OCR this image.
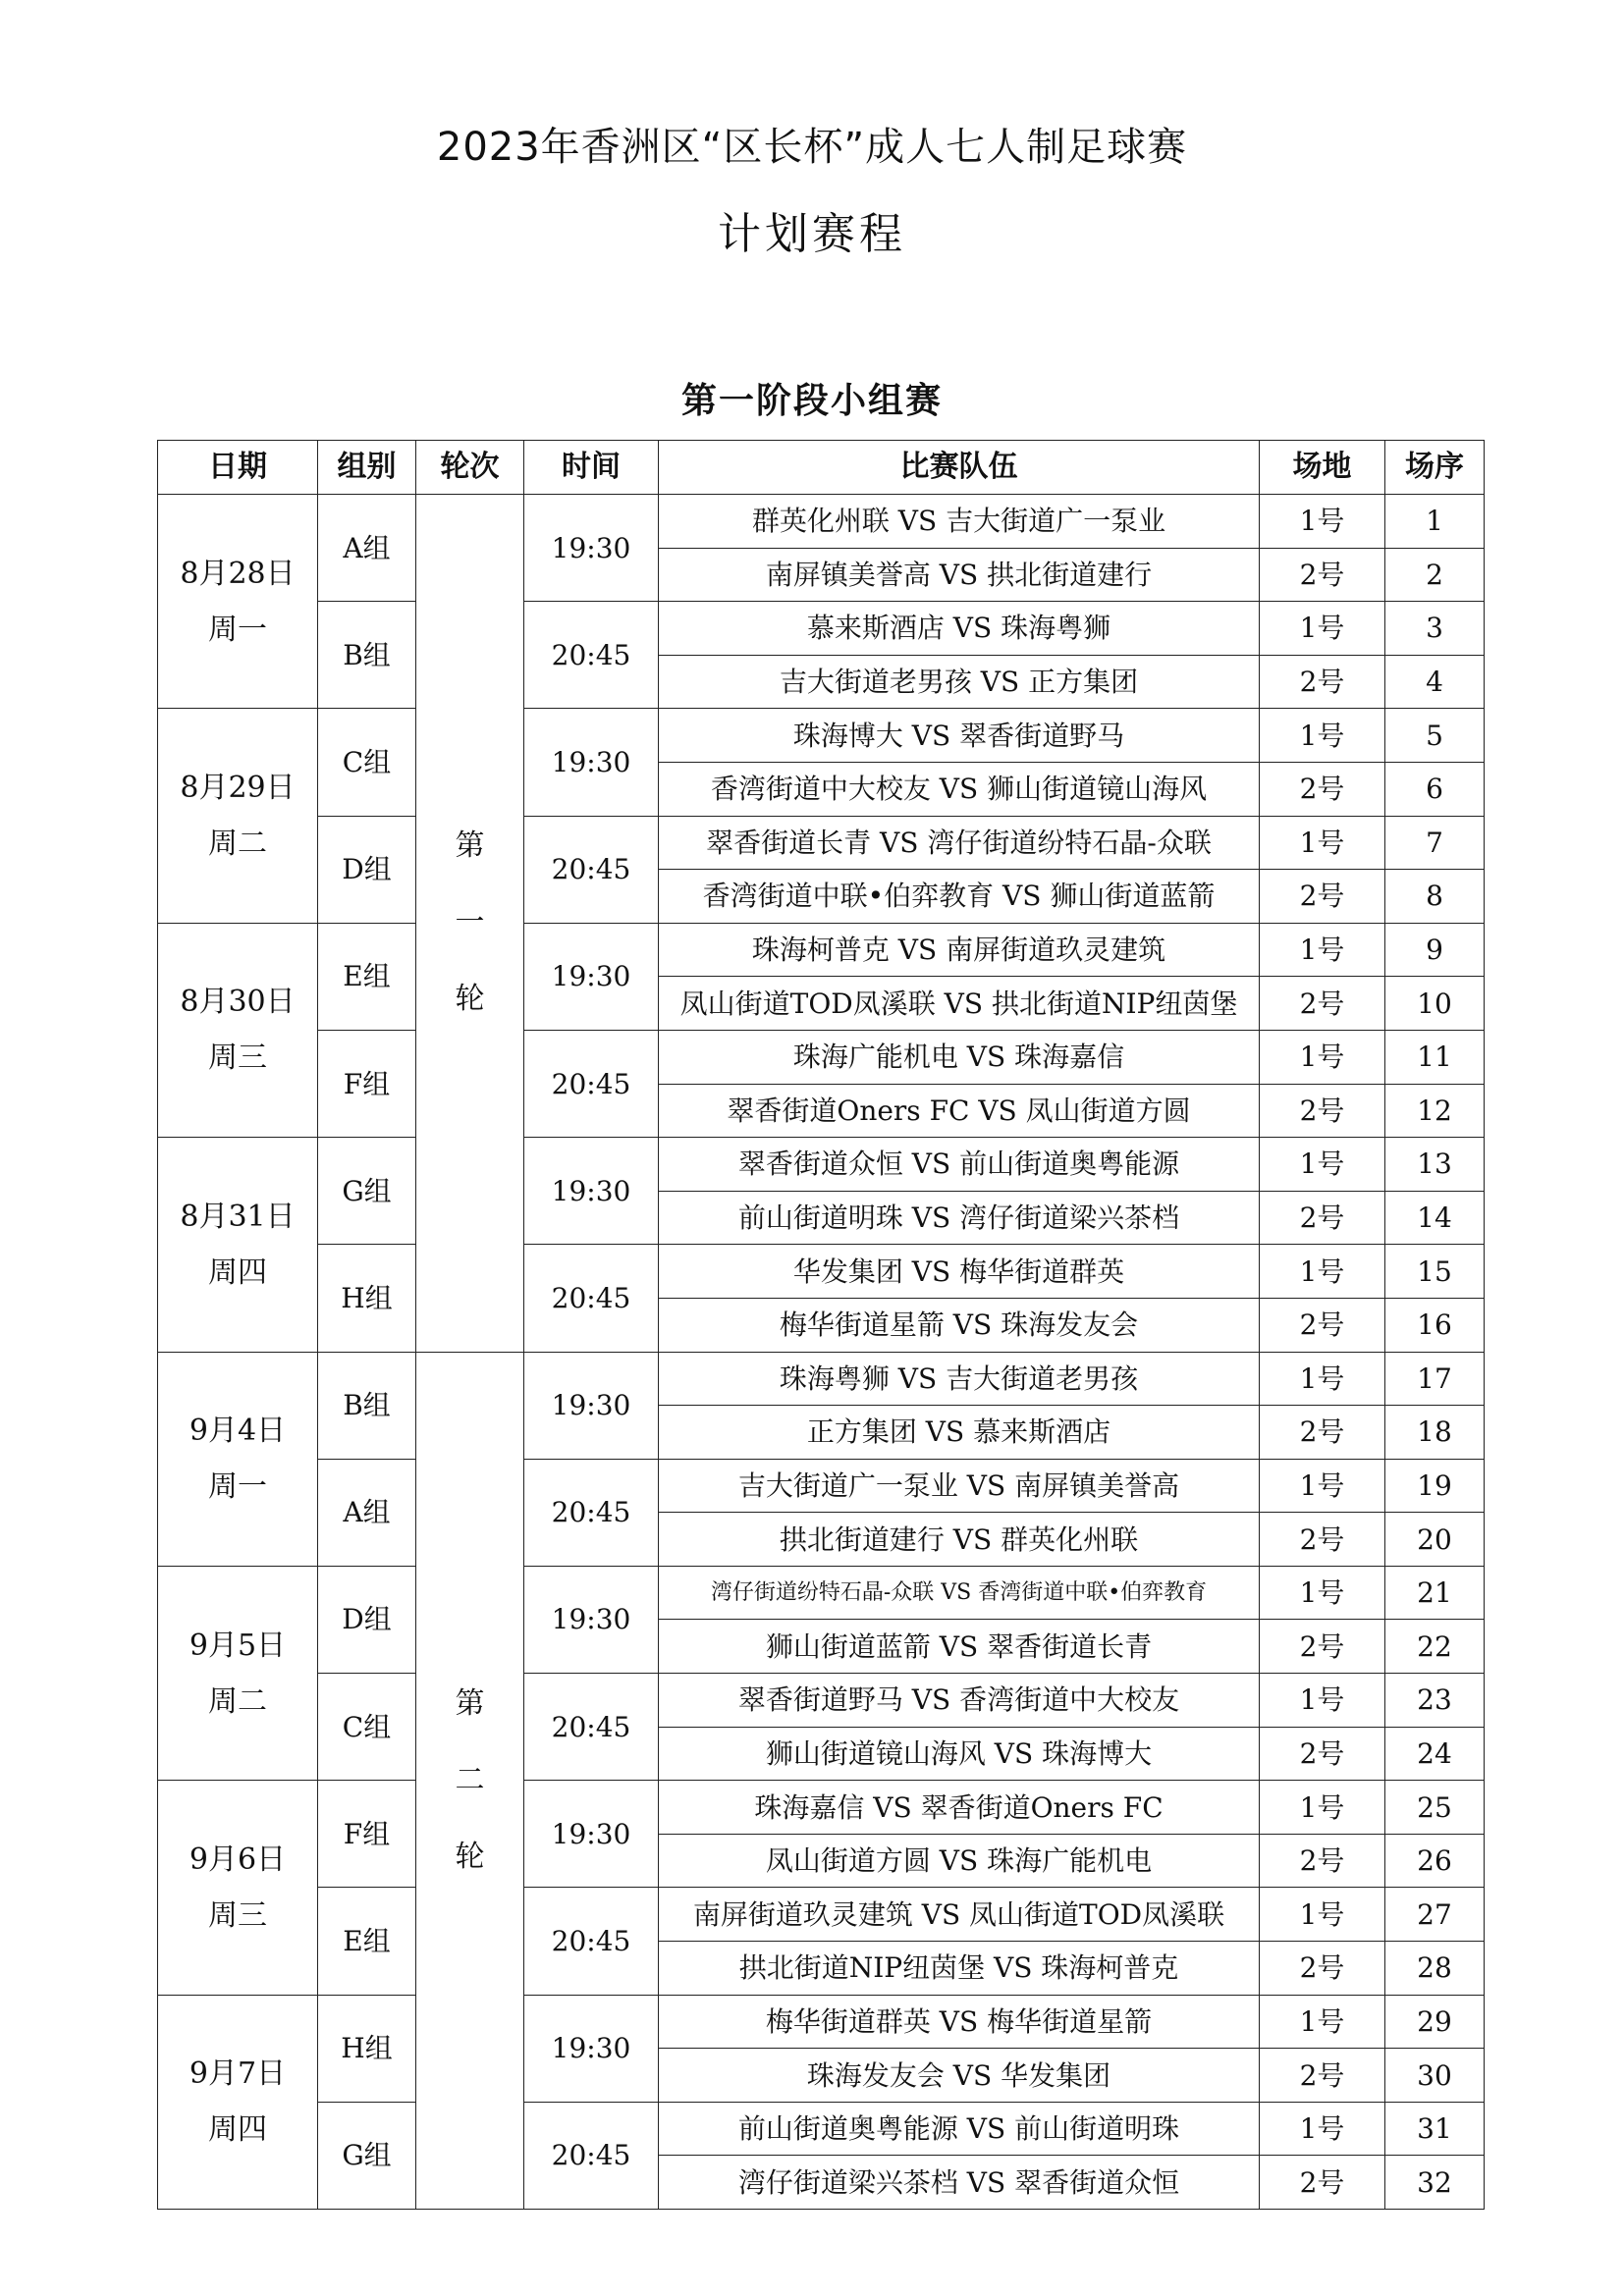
2023年香洲区“区长杯”成人七人制足球赛
计划赛程
第一阶段小组赛
日期	组别	轮次	时间	比赛队伍	场地	场序

8月28日
周一	A组	第一轮	19:30	群英化州联 VS 吉大街道广一泵业	1号	1
				南屏镇美誉高 VS 拱北街道建行	2号	2
	B组		20:45	慕来斯酒店 VS 珠海粤狮	1号	3
				吉大街道老男孩 VS 正方集团	2号	4

8月29日
周二	C组		19:30	珠海博大 VS 翠香街道野马	1号	5
				香湾街道中大校友 VS 狮山街道镜山海风	2号	6
	D组		20:45	翠香街道长青 VS 湾仔街道纷特石晶-众联	1号	7
				香湾街道中联•伯弈教育 VS 狮山街道蓝箭	2号	8

8月30日
周三	E组		19:30	珠海柯普克 VS 南屏街道玖灵建筑	1号	9
				凤山街道TOD凤溪联 VS 拱北街道NIP纽茵堡	2号	10
	F组		20:45	珠海广能机电 VS 珠海嘉信	1号	11
				翠香街道Oners FC VS 凤山街道方圆	2号	12

8月31日
周四	G组		19:30	翠香街道众恒 VS 前山街道奥粤能源	1号	13
				前山街道明珠 VS 湾仔街道梁兴茶档	2号	14
	H组		20:45	华发集团 VS 梅华街道群英	1号	15
				梅华街道星箭 VS 珠海发友会	2号	16

9月4日
周一	B组	第二轮	19:30	珠海粤狮 VS 吉大街道老男孩	1号	17
				正方集团 VS 慕来斯酒店	2号	18
	A组		20:45	吉大街道广一泵业 VS 南屏镇美誉高	1号	19
				拱北街道建行 VS 群英化州联	2号	20

9月5日
周二	D组		19:30	湾仔街道纷特石晶-众联 VS 香湾街道中联•伯弈教育	1号	21
				狮山街道蓝箭 VS 翠香街道长青	2号	22
	C组		20:45	翠香街道野马 VS 香湾街道中大校友	1号	23
				狮山街道镜山海风 VS 珠海博大	2号	24

9月6日
周三	F组		19:30	珠海嘉信 VS 翠香街道Oners FC	1号	25
				凤山街道方圆 VS 珠海广能机电	2号	26
	E组		20:45	南屏街道玖灵建筑 VS 凤山街道TOD凤溪联	1号	27
				拱北街道NIP纽茵堡 VS 珠海柯普克	2号	28

9月7日
周四	H组		19:30	梅华街道群英 VS 梅华街道星箭	1号	29
				珠海发友会 VS 华发集团	2号	30
	G组		20:45	前山街道奥粤能源 VS 前山街道明珠	1号	31
				湾仔街道梁兴茶档 VS 翠香街道众恒	2号	32
